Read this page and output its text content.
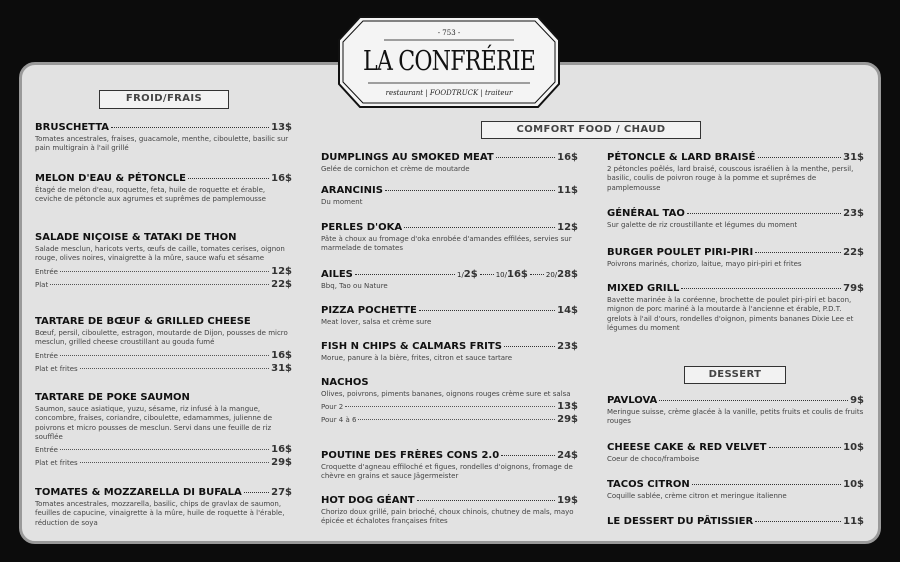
- 753 -
LA CONFRÉRIE
restaurant | FOODTRUCK | traiteur
FROID/FRAIS
COMFORT FOOD / CHAUD
DESSERT
BRUSCHETTA	13$
Tomates ancestrales, fraises, guacamole, menthe, ciboulette, basilic sur pain multigrain à l'ail grillé
MELON D'EAU & PÉTONCLE	16$
Étagé de melon d'eau, roquette, feta, huile de roquette et érable, ceviche de pétoncle aux agrumes et suprêmes de pamplemousse
SALADE NIÇOISE & TATAKI DE THON
Salade mesclun, haricots verts, œufs de caille, tomates cerises, oignon rouge, olives noires, vinaigrette à la mûre, sauce wafu et sésame
Entrée	12$
Plat	22$
TARTARE DE BŒUF & GRILLED CHEESE
Bœuf, persil, ciboulette, estragon, moutarde de Dijon, pousses de micro mesclun, grilled cheese croustillant au gouda fumé
Entrée	16$
Plat et frites	31$
TARTARE DE POKE SAUMON
Saumon, sauce asiatique, yuzu, sésame, riz infusé à la mangue, concombre, fraises, coriandre, ciboulette, edamammes, julienne de poivrons et micro pousses de mesclun. Servi dans une feuille de riz soufflée
Entrée	16$
Plat et frites	29$
TOMATES & MOZZARELLA DI BUFALA	27$
Tomates ancestrales, mozzarella, basilic, chips de gravlax de saumon, feuilles de capucine, vinaigrette à la mûre, huile de roquette à l'érable, réduction de soya
DUMPLINGS AU SMOKED MEAT	16$
Gelée de cornichon et crème de moutarde
ARANCINIS	11$
Du moment
PERLES D'OKA	12$
Pâte à choux au fromage d'oka enrobée d'amandes effilées, servies sur marmelade de tomates
AILES	1/ 2$	10/ 16$	20/ 28$
Bbq, Tao ou Nature
PIZZA POCHETTE	14$
Meat lover, salsa et crème sure
FISH N CHIPS & CALMARS FRITS	23$
Morue, panure à la bière, frites, citron et sauce tartare
NACHOS
Olives, poivrons, piments bananes, oignons rouges crème sure et salsa
Pour 2	13$
Pour 4 à 6	29$
POUTINE DES FRÈRES CONS 2.0	24$
Croquette d'agneau effiloché et figues, rondelles d'oignons, fromage de chèvre en grains et sauce Jägermeister
HOT DOG GÉANT	19$
Chorizo doux grillé, pain brioché, choux chinois, chutney de mals, mayo épicée et échalotes françaises frites
PÉTONCLE & LARD BRAISÉ	31$
2 pétoncles poêlés, lard braisé, couscous israélien à la menthe, persil, basilic, coulis de poivron rouge à la pomme et suprêmes de pamplemousse
GÉNÉRAL TAO	23$
Sur galette de riz croustillante et légumes du moment
BURGER POULET PIRI-PIRI	22$
Poivrons marinés, chorizo, laitue, mayo piri-piri et frites
MIXED GRILL	79$
Bavette marinée à la coréenne, brochette de poulet piri-piri et bacon, mignon de porc mariné à la moutarde à l'ancienne et érable, P.D.T. grelots à l'ail d'ours, rondelles d'oignon, piments bananes Dixie Lee et légumes du moment
PAVLOVA	9$
Meringue suisse, crème glacée à la vanille, petits fruits et coulis de fruits rouges
CHEESE CAKE & RED VELVET	10$
Coeur de choco/framboise
TACOS CITRON	10$
Coquille sablée, crème citron et meringue italienne
LE DESSERT DU PÂTISSIER	11$
